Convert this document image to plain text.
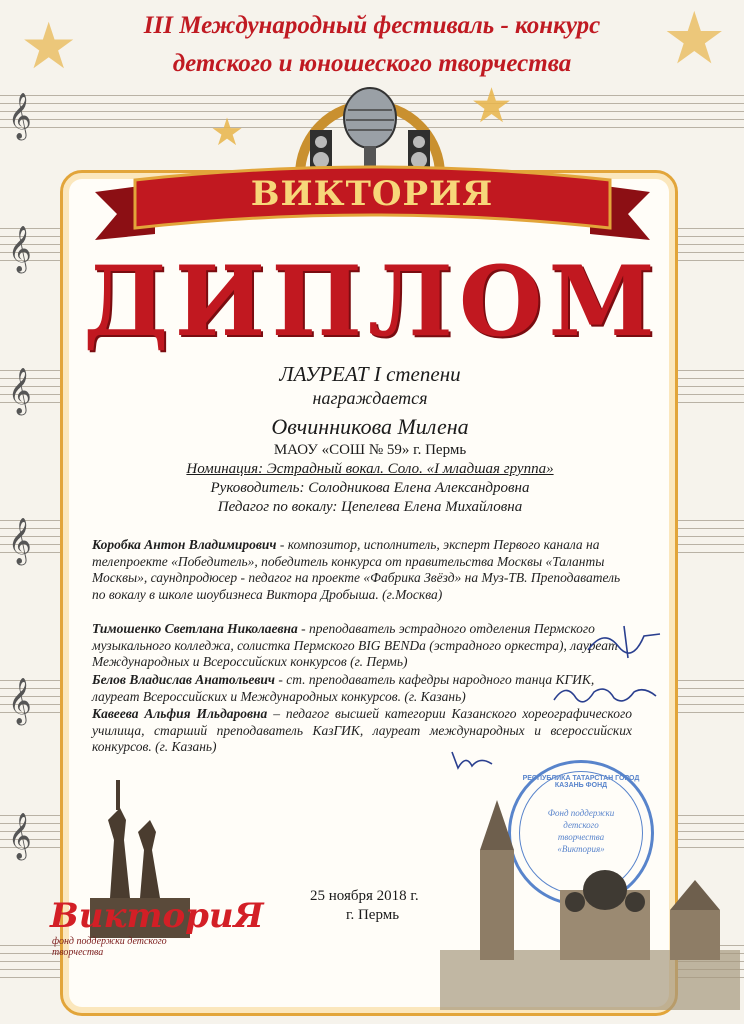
𝄞
𝄞
𝄞
𝄞
𝄞
𝄞
★	★
★
★
III Международный фестиваль - конкурс
детского и юношеского творчества
ВИКТОРИЯ
ДИПЛОМ
ЛАУРЕАТ I степени
награждается
Овчинникова Милена
МАОУ «СОШ № 59» г. Пермь
Номинация: Эстрадный вокал. Соло. «I младшая группа»
Руководитель: Солодникова Елена Александровна
Педагог по вокалу: Цепелева Елена Михайловна
Коробка Антон Владимирович - композитор, исполнитель, эксперт Первого канала на телепроекте «Победитель», победитель конкурса от правительства Москвы «Таланты Москвы», саундпродюсер - педагог на проекте «Фабрика Звёзд» на Муз-ТВ. Преподаватель по вокалу в школе шоубизнеса Виктора Дробыша. (г.Москва)
Тимошенко Светлана Николаевна - преподаватель эстрадного отделения Пермского музыкального колледжа, солистка Пермского BIG BENDa (эстрадного оркестра), лауреат Международных и Всероссийских конкурсов (г. Пермь)
Белов Владислав Анатольевич - ст. преподаватель кафедры народного танца КГИК, лауреат Всероссийских и Международных конкурсов. (г. Казань)
Кавеева Альфия Ильдаровна – педагог высшей категории Казанского хореографического училища, старший преподаватель КазГИК, лауреат международных и всероссийских конкурсов. (г. Казань)
РЕСПУБЛИКА ТАТАРСТАН ГОРОД КАЗАНЬ ФОНД
Фонд поддержки детского творчества «Виктория»
25 ноября 2018 г.
г. Пермь
ВикториЯ
фонд поддержки детского творчества
